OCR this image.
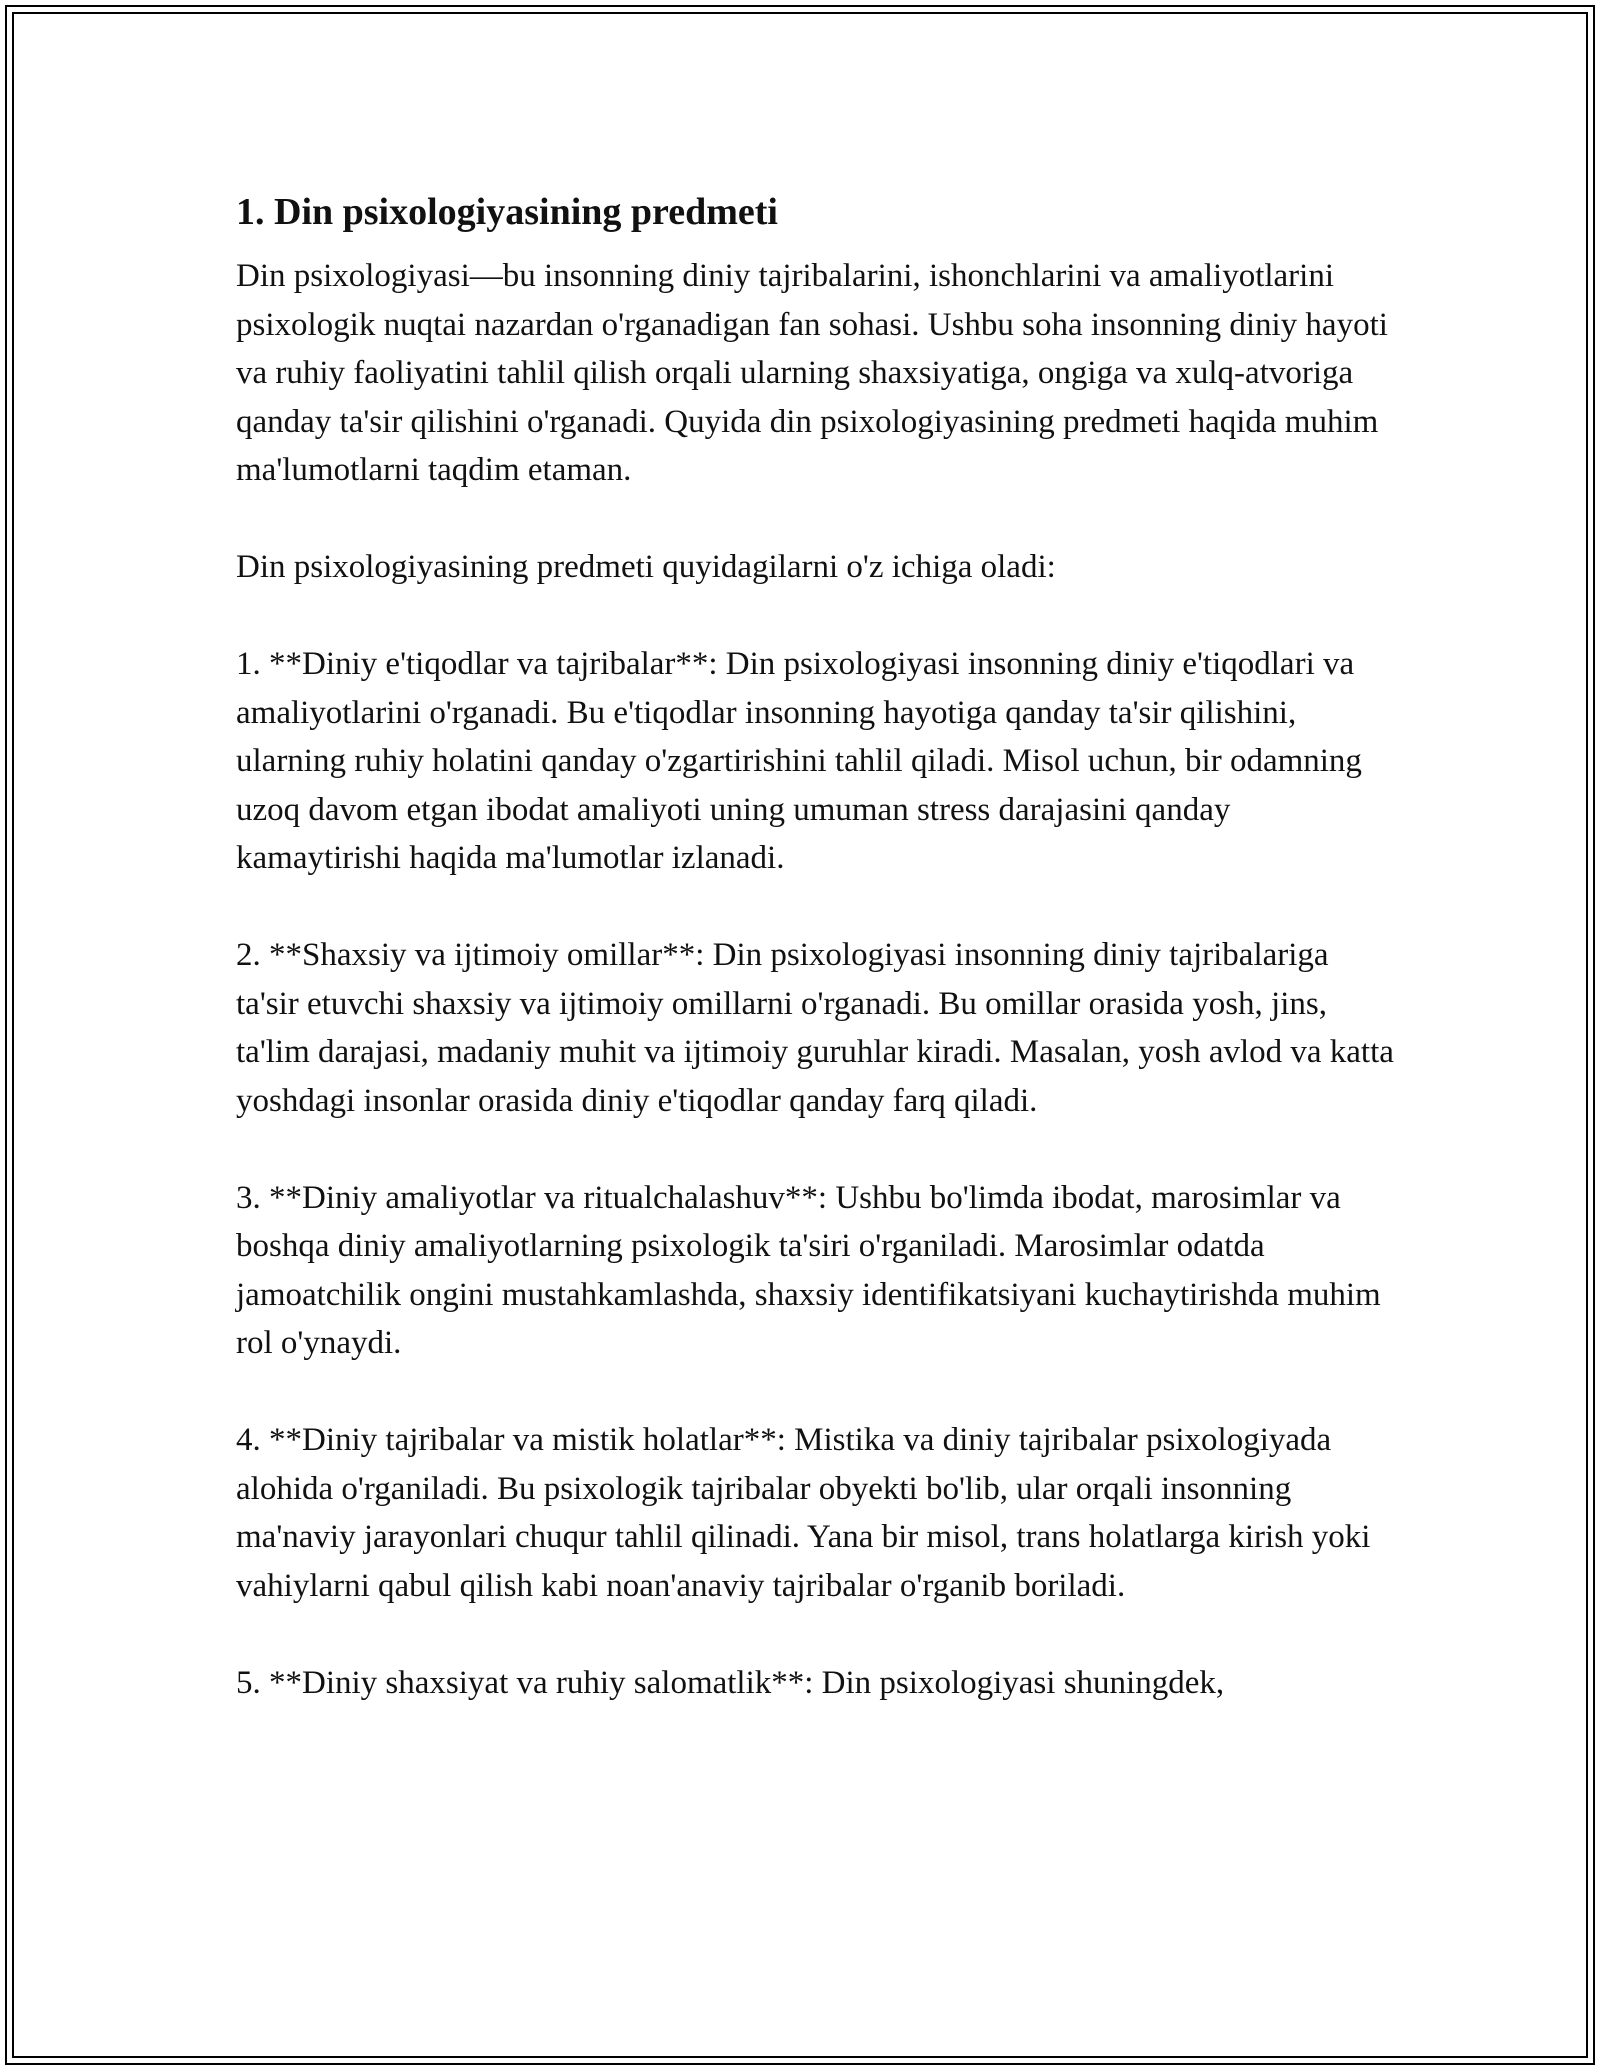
1. Din psixologiyasining predmeti

Din psixologiyasi—bu insonning diniy tajribalarini, ishonchlarini va amaliyotlarini psixologik nuqtai nazardan o'rganadigan fan sohasi. Ushbu soha insonning diniy hayoti va ruhiy faoliyatini tahlil qilish orqali ularning shaxsiyatiga, ongiga va xulq-atvoriga qanday ta'sir qilishini o'rganadi. Quyida din psixologiyasining predmeti haqida muhim ma'lumotlarni taqdim etaman.

Din psixologiyasining predmeti quyidagilarni o'z ichiga oladi:

1. **Diniy e'tiqodlar va tajribalar**: Din psixologiyasi insonning diniy e'tiqodlari va amaliyotlarini o'rganadi. Bu e'tiqodlar insonning hayotiga qanday ta'sir qilishini, ularning ruhiy holatini qanday o'zgartirishini tahlil qiladi. Misol uchun, bir odamning uzoq davom etgan ibodat amaliyoti uning umuman stress darajasini qanday kamaytirishi haqida ma'lumotlar izlanadi.

2. **Shaxsiy va ijtimoiy omillar**: Din psixologiyasi insonning diniy tajribalariga ta'sir etuvchi shaxsiy va ijtimoiy omillarni o'rganadi. Bu omillar orasida yosh, jins, ta'lim darajasi, madaniy muhit va ijtimoiy guruhlar kiradi. Masalan, yosh avlod va katta yoshdagi insonlar orasida diniy e'tiqodlar qanday farq qiladi.

3. **Diniy amaliyotlar va ritualchalashuv**: Ushbu bo'limda ibodat, marosimlar va boshqa diniy amaliyotlarning psixologik ta'siri o'rganiladi. Marosimlar odatda jamoatchilik ongini mustahkamlashda, shaxsiy identifikatsiyani kuchaytirishda muhim rol o'ynaydi.

4. **Diniy tajribalar va mistik holatlar**: Mistika va diniy tajribalar psixologiyada alohida o'rganiladi. Bu psixologik tajribalar obyekti bo'lib, ular orqali insonning ma'naviy jarayonlari chuqur tahlil qilinadi. Yana bir misol, trans holatlarga kirish yoki vahiylarni qabul qilish kabi noan'anaviy tajribalar o'rganib boriladi.

5. **Diniy shaxsiyat va ruhiy salomatlik**: Din psixologiyasi shuningdek,
